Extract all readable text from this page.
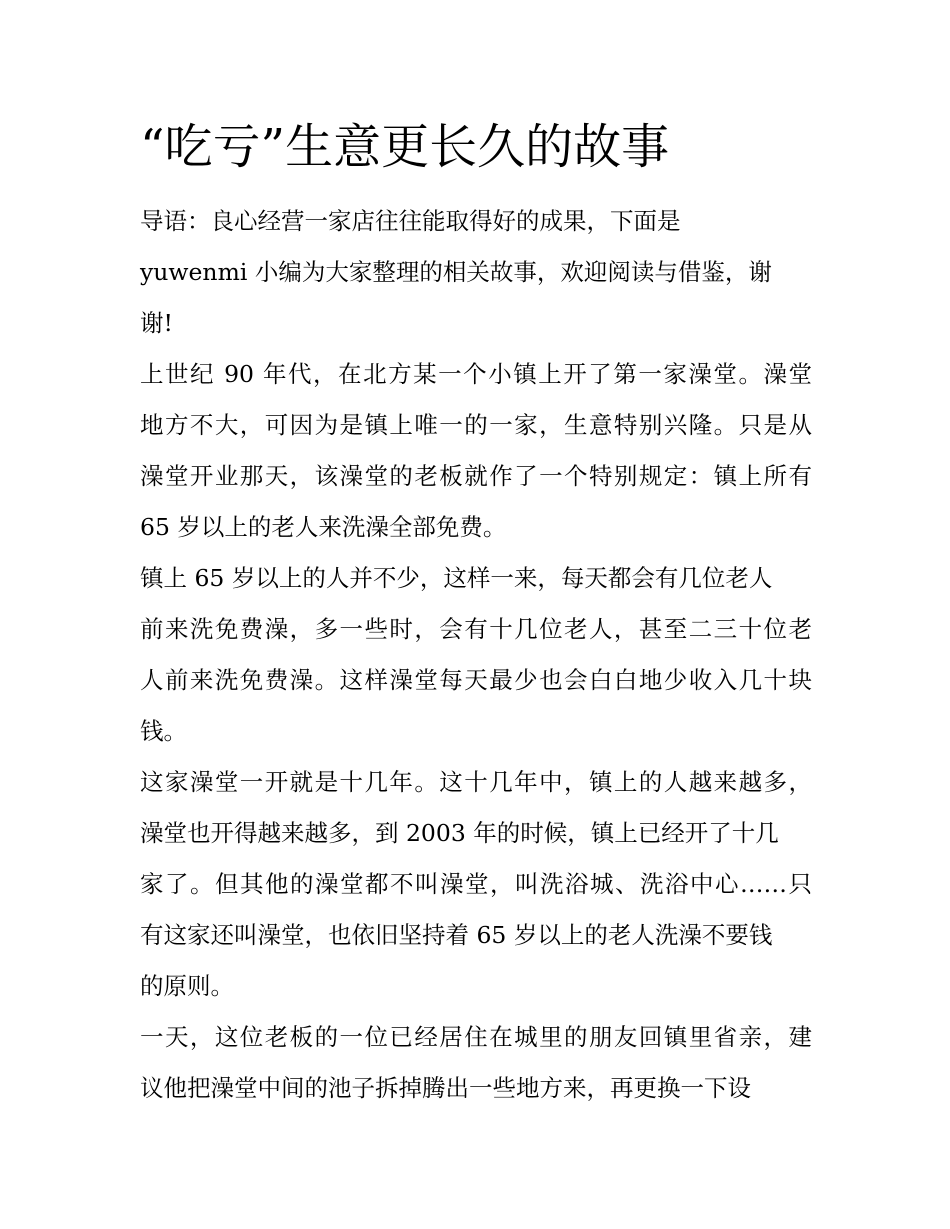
“吃亏”生意更长久的故事

导语：良心经营一家店往往能取得好的成果，下面是

yuwenmi 小编为大家整理的相关故事，欢迎阅读与借鉴，谢

谢!

上世纪 90 年代，在北方某一个小镇上开了第一家澡堂。澡堂

地方不大，可因为是镇上唯一的一家，生意特别兴隆。只是从

澡堂开业那天，该澡堂的老板就作了一个特别规定：镇上所有

65 岁以上的老人来洗澡全部免费。

镇上 65 岁以上的人并不少，这样一来，每天都会有几位老人

前来洗免费澡，多一些时，会有十几位老人，甚至二三十位老

人前来洗免费澡。这样澡堂每天最少也会白白地少收入几十块

钱。

这家澡堂一开就是十几年。这十几年中，镇上的人越来越多，

澡堂也开得越来越多，到 2003 年的时候，镇上已经开了十几

家了。但其他的澡堂都不叫澡堂，叫洗浴城、洗浴中心……只

有这家还叫澡堂，也依旧坚持着 65 岁以上的老人洗澡不要钱

的原则。

一天，这位老板的一位已经居住在城里的朋友回镇里省亲，建

议他把澡堂中间的池子拆掉腾出一些地方来，再更换一下设
